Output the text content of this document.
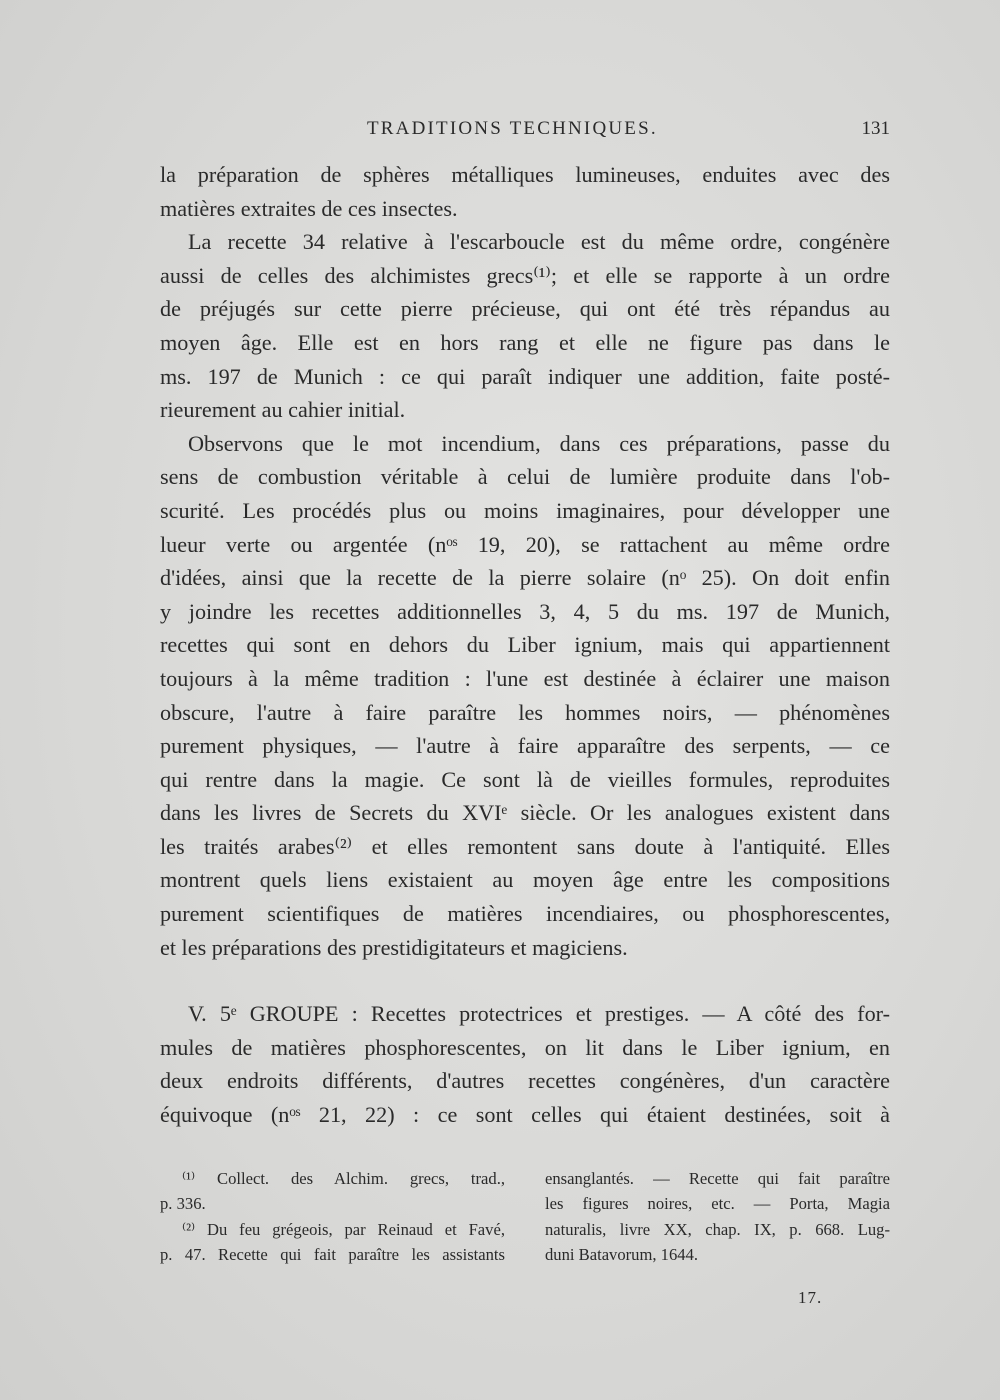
TRADITIONS TECHNIQUES.	131

la préparation de sphères métalliques lumineuses, enduites avec des
matières extraites de ces insectes.

La recette 34 relative à l'escarboucle est du même ordre, congénère
aussi de celles des alchimistes grecs⁽¹⁾; et elle se rapporte à un ordre
de préjugés sur cette pierre précieuse, qui ont été très répandus au
moyen âge. Elle est en hors rang et elle ne figure pas dans le
ms. 197 de Munich : ce qui paraît indiquer une addition, faite posté-
rieurement au cahier initial.

Observons que le mot incendium, dans ces préparations, passe du
sens de combustion véritable à celui de lumière produite dans l'ob-
scurité. Les procédés plus ou moins imaginaires, pour développer une
lueur verte ou argentée (nᵒˢ 19, 20), se rattachent au même ordre
d'idées, ainsi que la recette de la pierre solaire (nᵒ 25). On doit enfin
y joindre les recettes additionnelles 3, 4, 5 du ms. 197 de Munich,
recettes qui sont en dehors du Liber ignium, mais qui appartiennent
toujours à la même tradition : l'une est destinée à éclairer une maison
obscure, l'autre à faire paraître les hommes noirs, — phénomènes
purement physiques, — l'autre à faire apparaître des serpents, — ce
qui rentre dans la magie. Ce sont là de vieilles formules, reproduites
dans les livres de Secrets du XVIᵉ siècle. Or les analogues existent dans
les traités arabes⁽²⁾ et elles remontent sans doute à l'antiquité. Elles
montrent quels liens existaient au moyen âge entre les compositions
purement scientifiques de matières incendiaires, ou phosphorescentes,
et les préparations des prestidigitateurs et magiciens.

V. 5ᵉ GROUPE : Recettes protectrices et prestiges. — A côté des for-
mules de matières phosphorescentes, on lit dans le Liber ignium, en
deux endroits différents, d'autres recettes congénères, d'un caractère
équivoque (nᵒˢ 21, 22) : ce sont celles qui étaient destinées, soit à

⁽¹⁾ Collect. des Alchim. grecs, trad.,
p. 336.
⁽²⁾ Du feu grégeois, par Reinaud et Favé,
p. 47. Recette qui fait paraître les assistants
ensanglantés. — Recette qui fait paraître
les figures noires, etc. — Porta, Magia
naturalis, livre XX, chap. IX, p. 668. Lug-
duni Batavorum, 1644.
17.
